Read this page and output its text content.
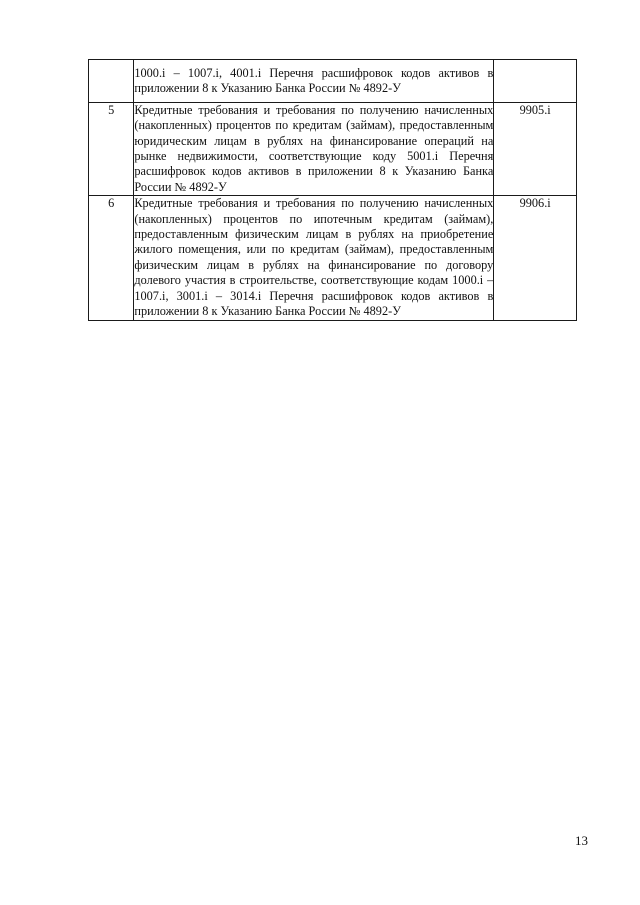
	1000.i – 1007.i, 4001.i Перечня расшифровок кодов активов в приложении 8 к Указанию Банка России № 4892-У	
5	Кредитные требования и требования по получению начисленных (накопленных) процентов по кредитам (займам), предоставленным юридическим лицам в рублях на финансирование операций на рынке недвижимости, соответствующие коду 5001.i Перечня расшифровок кодов активов в приложении 8 к Указанию Банка России № 4892-У	9905.i
6	Кредитные требования и требования по получению начисленных (накопленных) процентов по ипотечным кредитам (займам), предоставленным физическим лицам в рублях на приобретение жилого помещения, или по кредитам (займам), предоставленным физическим лицам в рублях на финансирование по договору долевого участия в строительстве, соответствующие кодам 1000.i – 1007.i, 3001.i – 3014.i Перечня расшифровок кодов активов в приложении 8 к Указанию Банка России № 4892-У	9906.i
13
